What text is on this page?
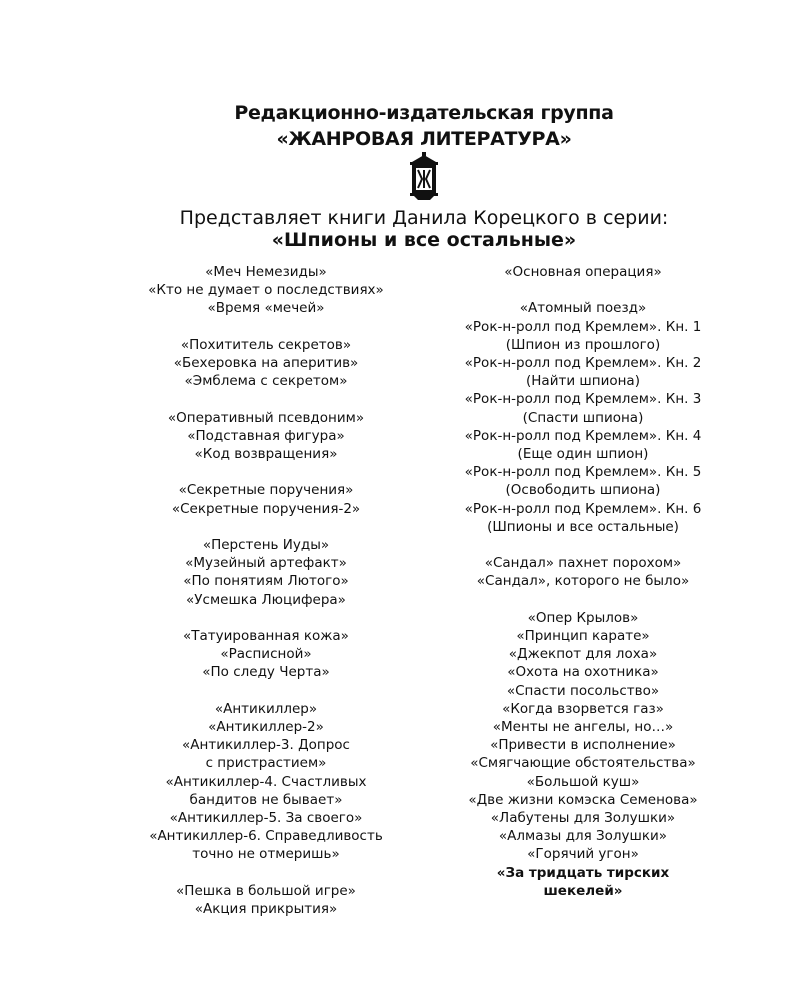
Редакционно-издательская группа
«ЖАНРОВАЯ ЛИТЕРАТУРА»
Представляет книги Данила Корецкого в серии:
«Шпионы и все остальные»
«Меч Немезиды»
«Кто не думает о последствиях»
«Время «мечей»
«Похититель секретов»
«Бехеровка на аперитив»
«Эмблема с секретом»
«Оперативный псевдоним»
«Подставная фигура»
«Код возвращения»
«Секретные поручения»
«Секретные поручения-2»
«Перстень Иуды»
«Музейный артефакт»
«По понятиям Лютого»
«Усмешка Люцифера»
«Татуированная кожа»
«Расписной»
«По следу Черта»
«Антикиллер»
«Антикиллер-2»
«Антикиллер-3. Допрос
с пристрастием»
«Антикиллер-4. Счастливых
бандитов не бывает»
«Антикиллер-5. За своего»
«Антикиллер-6. Справедливость
точно не отмеришь»
«Пешка в большой игре»
«Акция прикрытия»
«Основная операция»
«Атомный поезд»
«Рок-н-ролл под Кремлем». Кн. 1
(Шпион из прошлого)
«Рок-н-ролл под Кремлем». Кн. 2
(Найти шпиона)
«Рок-н-ролл под Кремлем». Кн. 3
(Спасти шпиона)
«Рок-н-ролл под Кремлем». Кн. 4
(Еще один шпион)
«Рок-н-ролл под Кремлем». Кн. 5
(Освободить шпиона)
«Рок-н-ролл под Кремлем». Кн. 6
(Шпионы и все остальные)
«Сандал» пахнет порохом»
«Сандал», которого не было»
«Опер Крылов»
«Принцип карате»
«Джекпот для лоха»
«Охота на охотника»
«Спасти посольство»
«Когда взорвется газ»
«Менты не ангелы, но…»
«Привести в исполнение»
«Смягчающие обстоятельства»
«Большой куш»
«Две жизни комэска Семенова»
«Лабутены для Золушки»
«Алмазы для Золушки»
«Горячий угон»
«За тридцать тирских
шекелей»
